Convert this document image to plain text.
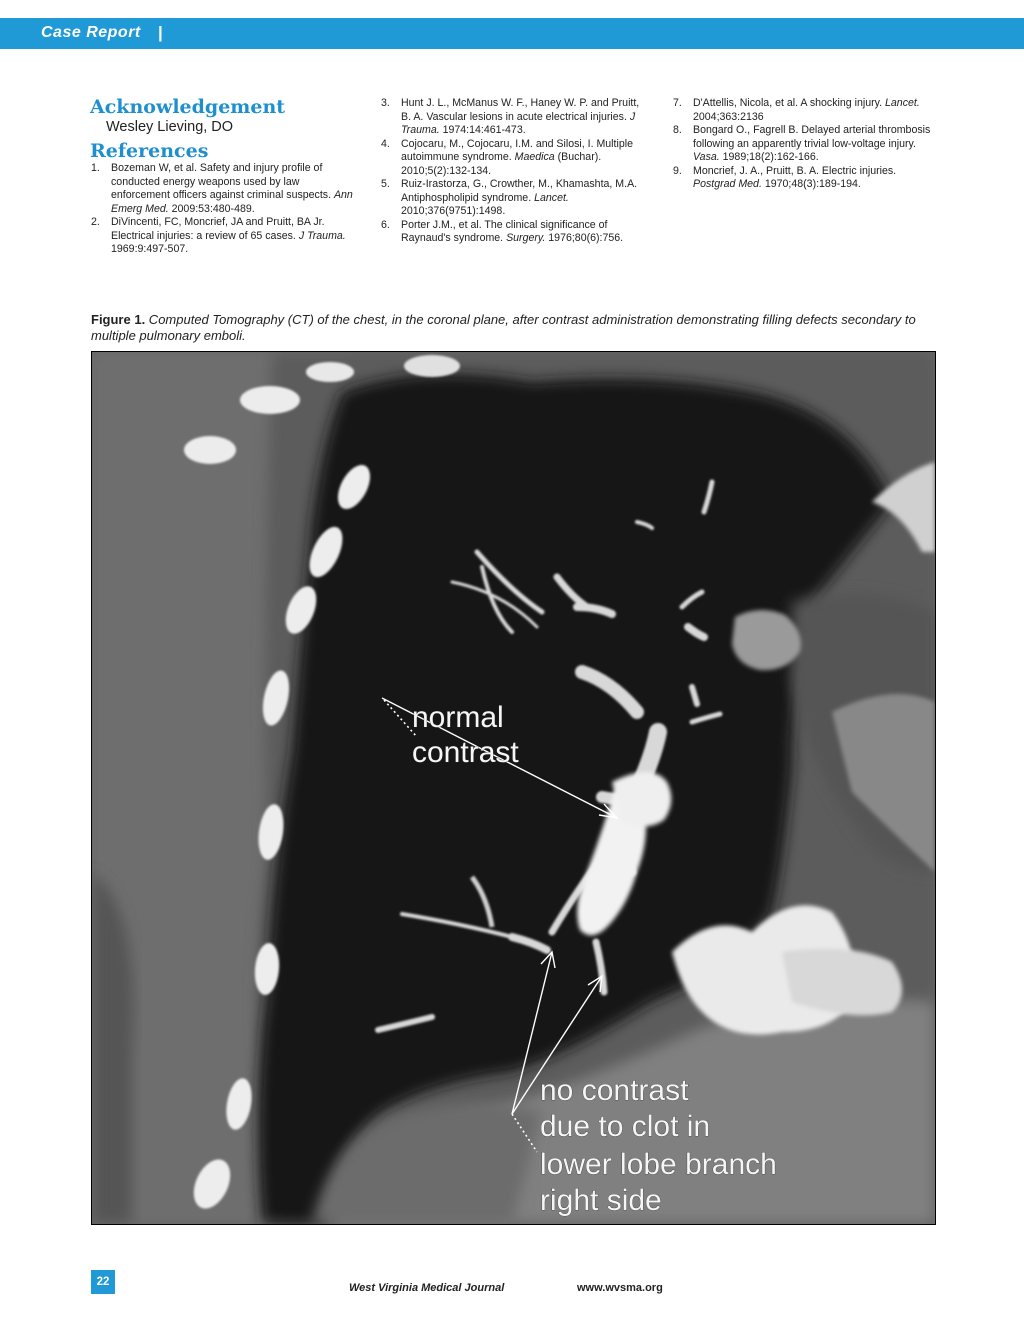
Case Report |
Acknowledgement
Wesley Lieving, DO
References
1. Bozeman W, et al. Safety and injury profile of conducted energy weapons used by law enforcement officers against criminal suspects. Ann Emerg Med. 2009:53:480-489.
2. DiVincenti, FC, Moncrief, JA and Pruitt, BA Jr. Electrical injuries: a review of 65 cases. J Trauma. 1969:9:497-507.
3. Hunt J. L., McManus W. F., Haney W. P. and Pruitt, B. A. Vascular lesions in acute electrical injuries. J Trauma. 1974:14:461-473.
4. Cojocaru, M., Cojocaru, I.M. and Silosi, I. Multiple autoimmune syndrome. Maedica (Buchar). 2010;5(2):132-134.
5. Ruiz-Irastorza, G., Crowther, M., Khamashta, M.A. Antiphospholipid syndrome. Lancet. 2010;376(9751):1498.
6. Porter J.M., et al. The clinical significance of Raynaud's syndrome. Surgery. 1976;80(6):756.
7. D'Attellis, Nicola, et al. A shocking injury. Lancet. 2004;363:2136
8. Bongard O., Fagrell B. Delayed arterial thrombosis following an apparently trivial low-voltage injury. Vasa. 1989;18(2):162-166.
9. Moncrief, J. A., Pruitt, B. A. Electric injuries. Postgrad Med. 1970;48(3):189-194.
Figure 1. Computed Tomography (CT) of the chest, in the coronal plane, after contrast administration demonstrating filling defects secondary to multiple pulmonary emboli.
normal
contrast
no contrast
due to clot in
lower lobe branch
right side
22	West Virginia Medical Journal	www.wvsma.org
